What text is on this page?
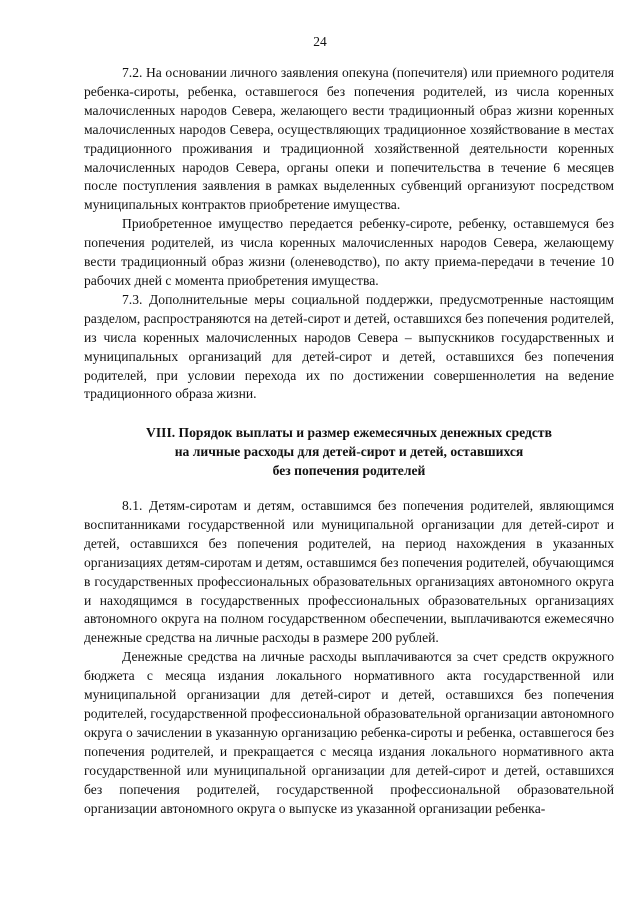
24

7.2. На основании личного заявления опекуна (попечителя) или приемного родителя ребенка-сироты, ребенка, оставшегося без попечения родителей, из числа коренных малочисленных народов Севера, желающего вести традиционный образ жизни коренных малочисленных народов Севера, осуществляющих традиционное хозяйствование в местах традиционного проживания и традиционной хозяйственной деятельности коренных малочисленных народов Севера, органы опеки и попечительства в течение 6 месяцев после поступления заявления в рамках выделенных субвенций организуют посредством муниципальных контрактов приобретение имущества.

Приобретенное имущество передается ребенку-сироте, ребенку, оставшемуся без попечения родителей, из числа коренных малочисленных народов Севера, желающему вести традиционный образ жизни (оленеводство), по акту приема-передачи в течение 10 рабочих дней с момента приобретения имущества.

7.3. Дополнительные меры социальной поддержки, предусмотренные настоящим разделом, распространяются на детей-сирот и детей, оставшихся без попечения родителей, из числа коренных малочисленных народов Севера – выпускников государственных и муниципальных организаций для детей-сирот и детей, оставшихся без попечения родителей, при условии перехода их по достижении совершеннолетия на ведение традиционного образа жизни.

VIII. Порядок выплаты и размер ежемесячных денежных средств
на личные расходы для детей-сирот и детей, оставшихся
без попечения родителей

8.1. Детям-сиротам и детям, оставшимся без попечения родителей, являющимся воспитанниками государственной или муниципальной организации для детей-сирот и детей, оставшихся без попечения родителей, на период нахождения в указанных организациях детям-сиротам и детям, оставшимся без попечения родителей, обучающимся в государственных профессиональных образовательных организациях автономного округа и находящимся в государственных профессиональных образовательных организациях автономного округа на полном государственном обеспечении, выплачиваются ежемесячно денежные средства на личные расходы в размере 200 рублей.

Денежные средства на личные расходы выплачиваются за счет средств окружного бюджета с месяца издания локального нормативного акта государственной или муниципальной организации для детей-сирот и детей, оставшихся без попечения родителей, государственной профессиональной образовательной организации автономного округа о зачислении в указанную организацию ребенка-сироты и ребенка, оставшегося без попечения родителей, и прекращается с месяца издания локального нормативного акта государственной или муниципальной организации для детей-сирот и детей, оставшихся без попечения родителей, государственной профессиональной образовательной организации автономного округа о выпуске из указанной организации ребенка-
